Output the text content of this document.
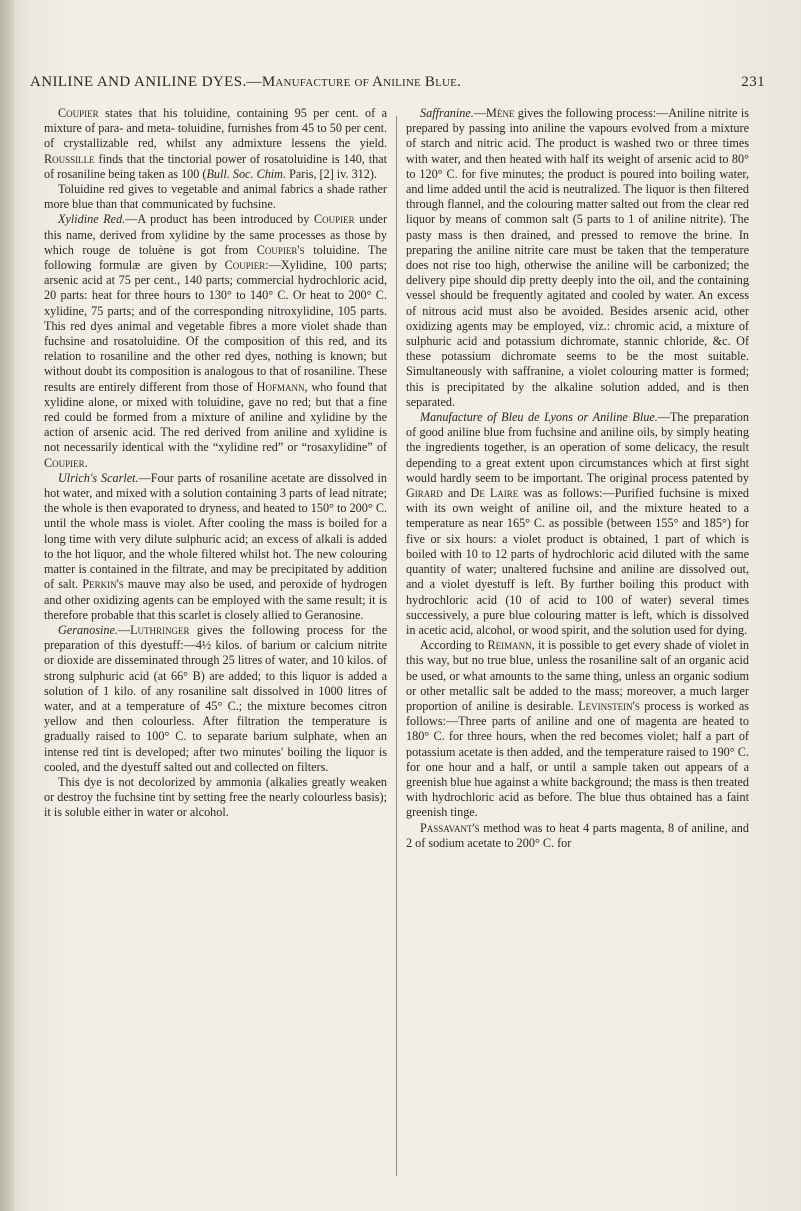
ANILINE AND ANILINE DYES.—Manufacture of Aniline Blue.	231

Coupier states that his toluidine, containing 95 per cent. of a mixture of para- and meta- toluidine, furnishes from 45 to 50 per cent. of crystallizable red, whilst any admixture lessens the yield. Roussille finds that the tinctorial power of rosatoluidine is 140, that of rosaniline being taken as 100 (Bull. Soc. Chim. Paris, [2] iv. 312).

Toluidine red gives to vegetable and animal fabrics a shade rather more blue than that communicated by fuchsine.

Xylidine Red.—A product has been introduced by Coupier under this name, derived from xylidine by the same processes as those by which rouge de toluène is got from Coupier's toluidine. The following formulæ are given by Coupier:—Xylidine, 100 parts; arsenic acid at 75 per cent., 140 parts; commercial hydrochloric acid, 20 parts: heat for three hours to 130° to 140° C. Or heat to 200° C. xylidine, 75 parts; and of the corresponding nitroxylidine, 105 parts. This red dyes animal and vegetable fibres a more violet shade than fuchsine and rosatoluidine. Of the composition of this red, and its relation to rosaniline and the other red dyes, nothing is known; but without doubt its composition is analogous to that of rosaniline. These results are entirely different from those of Hofmann, who found that xylidine alone, or mixed with toluidine, gave no red; but that a fine red could be formed from a mixture of aniline and xylidine by the action of arsenic acid. The red derived from aniline and xylidine is not necessarily identical with the “xylidine red” or “rosaxylidine” of Coupier.

Ulrich's Scarlet.—Four parts of rosaniline acetate are dissolved in hot water, and mixed with a solution containing 3 parts of lead nitrate; the whole is then evaporated to dryness, and heated to 150° to 200° C. until the whole mass is violet. After cooling the mass is boiled for a long time with very dilute sulphuric acid; an excess of alkali is added to the hot liquor, and the whole filtered whilst hot. The new colouring matter is contained in the filtrate, and may be precipitated by addition of salt. Perkin's mauve may also be used, and peroxide of hydrogen and other oxidizing agents can be employed with the same result; it is therefore probable that this scarlet is closely allied to Geranosine.

Geranosine.—Luthringer gives the following process for the preparation of this dyestuff:—4½ kilos. of barium or calcium nitrite or dioxide are disseminated through 25 litres of water, and 10 kilos. of strong sulphuric acid (at 66° B) are added; to this liquor is added a solution of 1 kilo. of any rosaniline salt dissolved in 1000 litres of water, and at a temperature of 45° C.; the mixture becomes citron yellow and then colourless. After filtration the temperature is gradually raised to 100° C. to separate barium sulphate, when an intense red tint is developed; after two minutes' boiling the liquor is cooled, and the dyestuff salted out and collected on filters.

This dye is not decolorized by ammonia (alkalies greatly weaken or destroy the fuchsine tint by setting free the nearly colourless basis); it is soluble either in water or alcohol.

Saffranine.—Mène gives the following process:—Aniline nitrite is prepared by passing into aniline the vapours evolved from a mixture of starch and nitric acid. The product is washed two or three times with water, and then heated with half its weight of arsenic acid to 80° to 120° C. for five minutes; the product is poured into boiling water, and lime added until the acid is neutralized. The liquor is then filtered through flannel, and the colouring matter salted out from the clear red liquor by means of common salt (5 parts to 1 of aniline nitrite). The pasty mass is then drained, and pressed to remove the brine. In preparing the aniline nitrite care must be taken that the temperature does not rise too high, otherwise the aniline will be carbonized; the delivery pipe should dip pretty deeply into the oil, and the containing vessel should be frequently agitated and cooled by water. An excess of nitrous acid must also be avoided. Besides arsenic acid, other oxidizing agents may be employed, viz.: chromic acid, a mixture of sulphuric acid and potassium dichromate, stannic chloride, &c. Of these potassium dichromate seems to be the most suitable. Simultaneously with saffranine, a violet colouring matter is formed; this is precipitated by the alkaline solution added, and is then separated.

Manufacture of Bleu de Lyons or Aniline Blue.—The preparation of good aniline blue from fuchsine and aniline oils, by simply heating the ingredients together, is an operation of some delicacy, the result depending to a great extent upon circumstances which at first sight would hardly seem to be important. The original process patented by Girard and De Laire was as follows:—Purified fuchsine is mixed with its own weight of aniline oil, and the mixture heated to a temperature as near 165° C. as possible (between 155° and 185°) for five or six hours: a violet product is obtained, 1 part of which is boiled with 10 to 12 parts of hydrochloric acid diluted with the same quantity of water; unaltered fuchsine and aniline are dissolved out, and a violet dyestuff is left. By further boiling this product with hydrochloric acid (10 of acid to 100 of water) several times successively, a pure blue colouring matter is left, which is dissolved in acetic acid, alcohol, or wood spirit, and the solution used for dying.

According to Reimann, it is possible to get every shade of violet in this way, but no true blue, unless the rosaniline salt of an organic acid be used, or what amounts to the same thing, unless an organic sodium or other metallic salt be added to the mass; moreover, a much larger proportion of aniline is desirable. Levinstein's process is worked as follows:—Three parts of aniline and one of magenta are heated to 180° C. for three hours, when the red becomes violet; half a part of potassium acetate is then added, and the temperature raised to 190° C. for one hour and a half, or until a sample taken out appears of a greenish blue hue against a white background; the mass is then treated with hydrochloric acid as before. The blue thus obtained has a faint greenish tinge.

Passavant's method was to heat 4 parts magenta, 8 of aniline, and 2 of sodium acetate to 200° C. for
